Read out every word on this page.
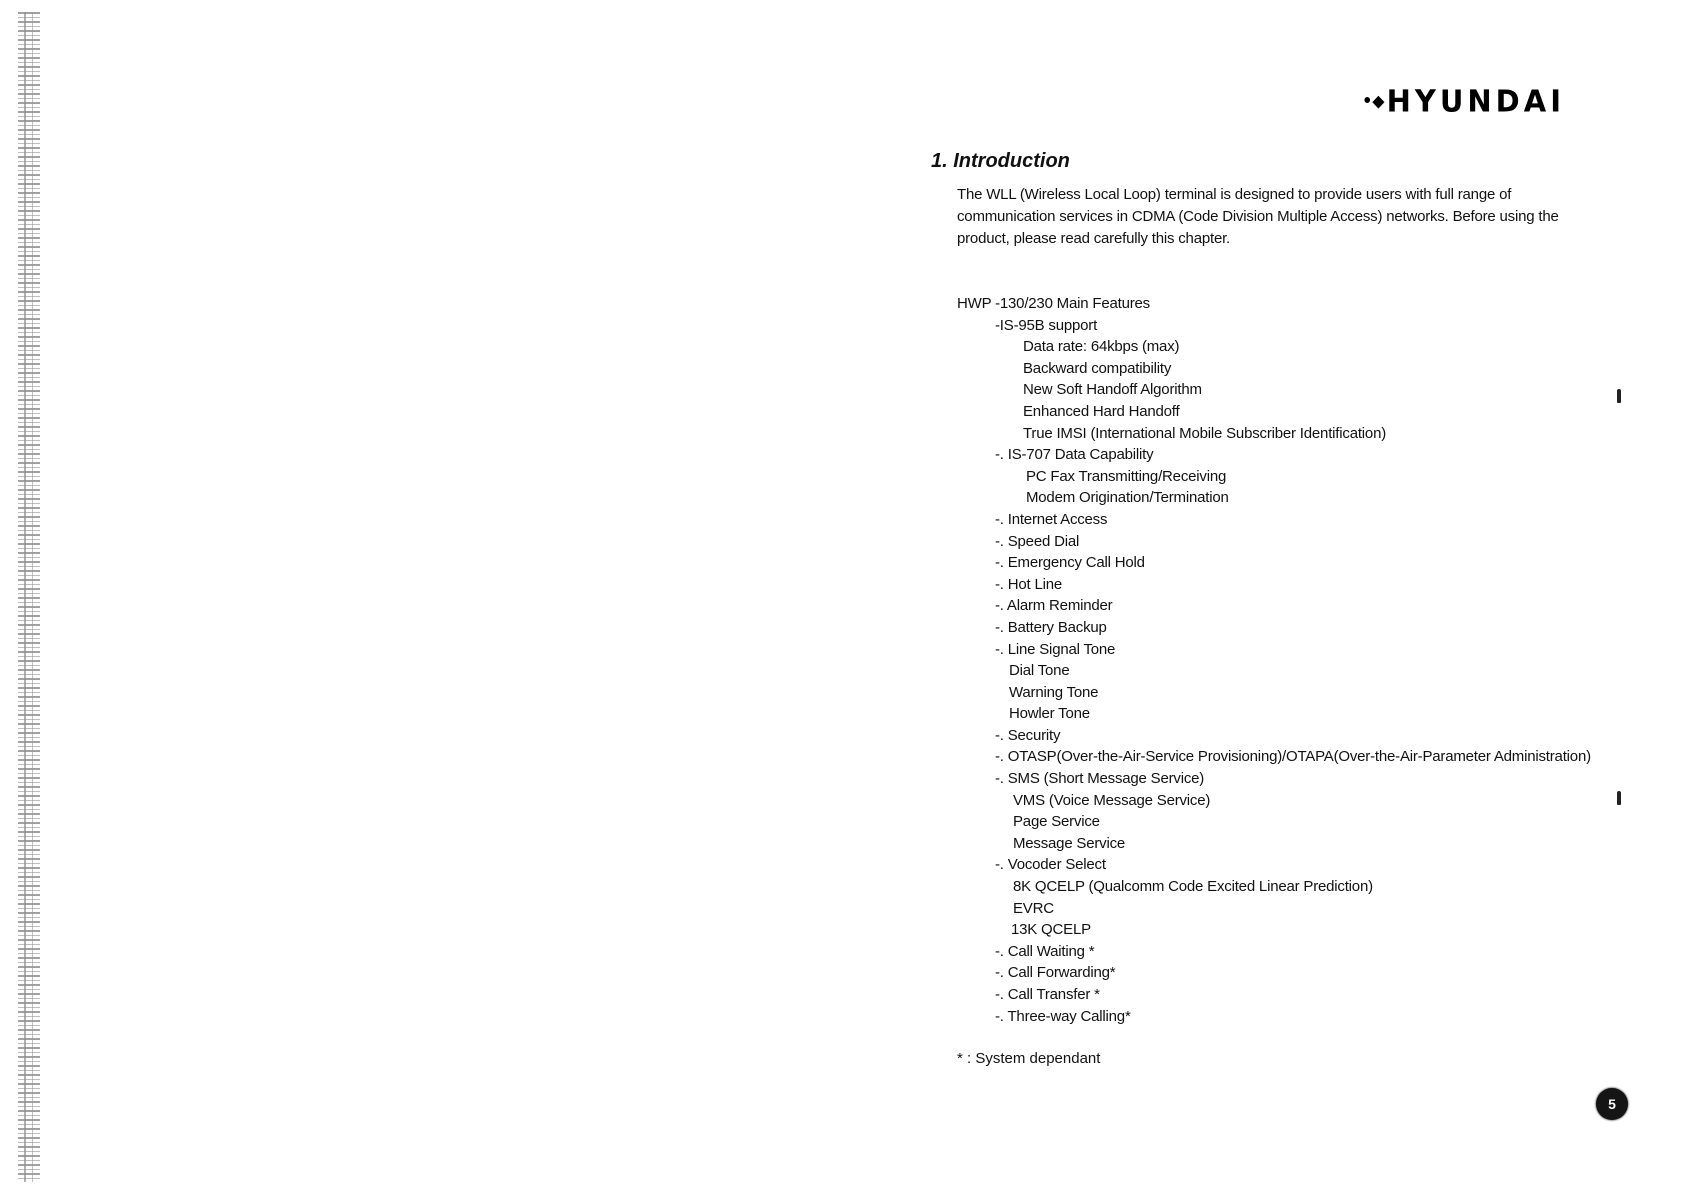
•◆HYUNDAI
1. Introduction

The WLL (Wireless Local Loop) terminal is designed to provide users with full range of communication services in CDMA (Code Division Multiple Access) networks. Before using the product, please read carefully this chapter.

HWP -130/230 Main Features
-IS-95B support
Data rate: 64kbps (max)
Backward compatibility
New Soft Handoff Algorithm
Enhanced Hard Handoff
True IMSI (International Mobile Subscriber Identification)
-. IS-707 Data Capability
PC Fax Transmitting/Receiving
Modem Origination/Termination
-. Internet Access
-. Speed Dial
-. Emergency Call Hold
-. Hot Line
-. Alarm Reminder
-. Battery Backup
-. Line Signal Tone
Dial Tone
Warning Tone
Howler Tone
-. Security
-. OTASP(Over-the-Air-Service Provisioning)/OTAPA(Over-the-Air-Parameter Administration)
-. SMS (Short Message Service)
VMS (Voice Message Service)
Page Service
Message Service
-. Vocoder Select
8K QCELP (Qualcomm Code Excited Linear Prediction)
EVRC
13K QCELP
-. Call Waiting *
-. Call Forwarding*
-. Call Transfer *
-. Three-way Calling*

* : System dependant

5
